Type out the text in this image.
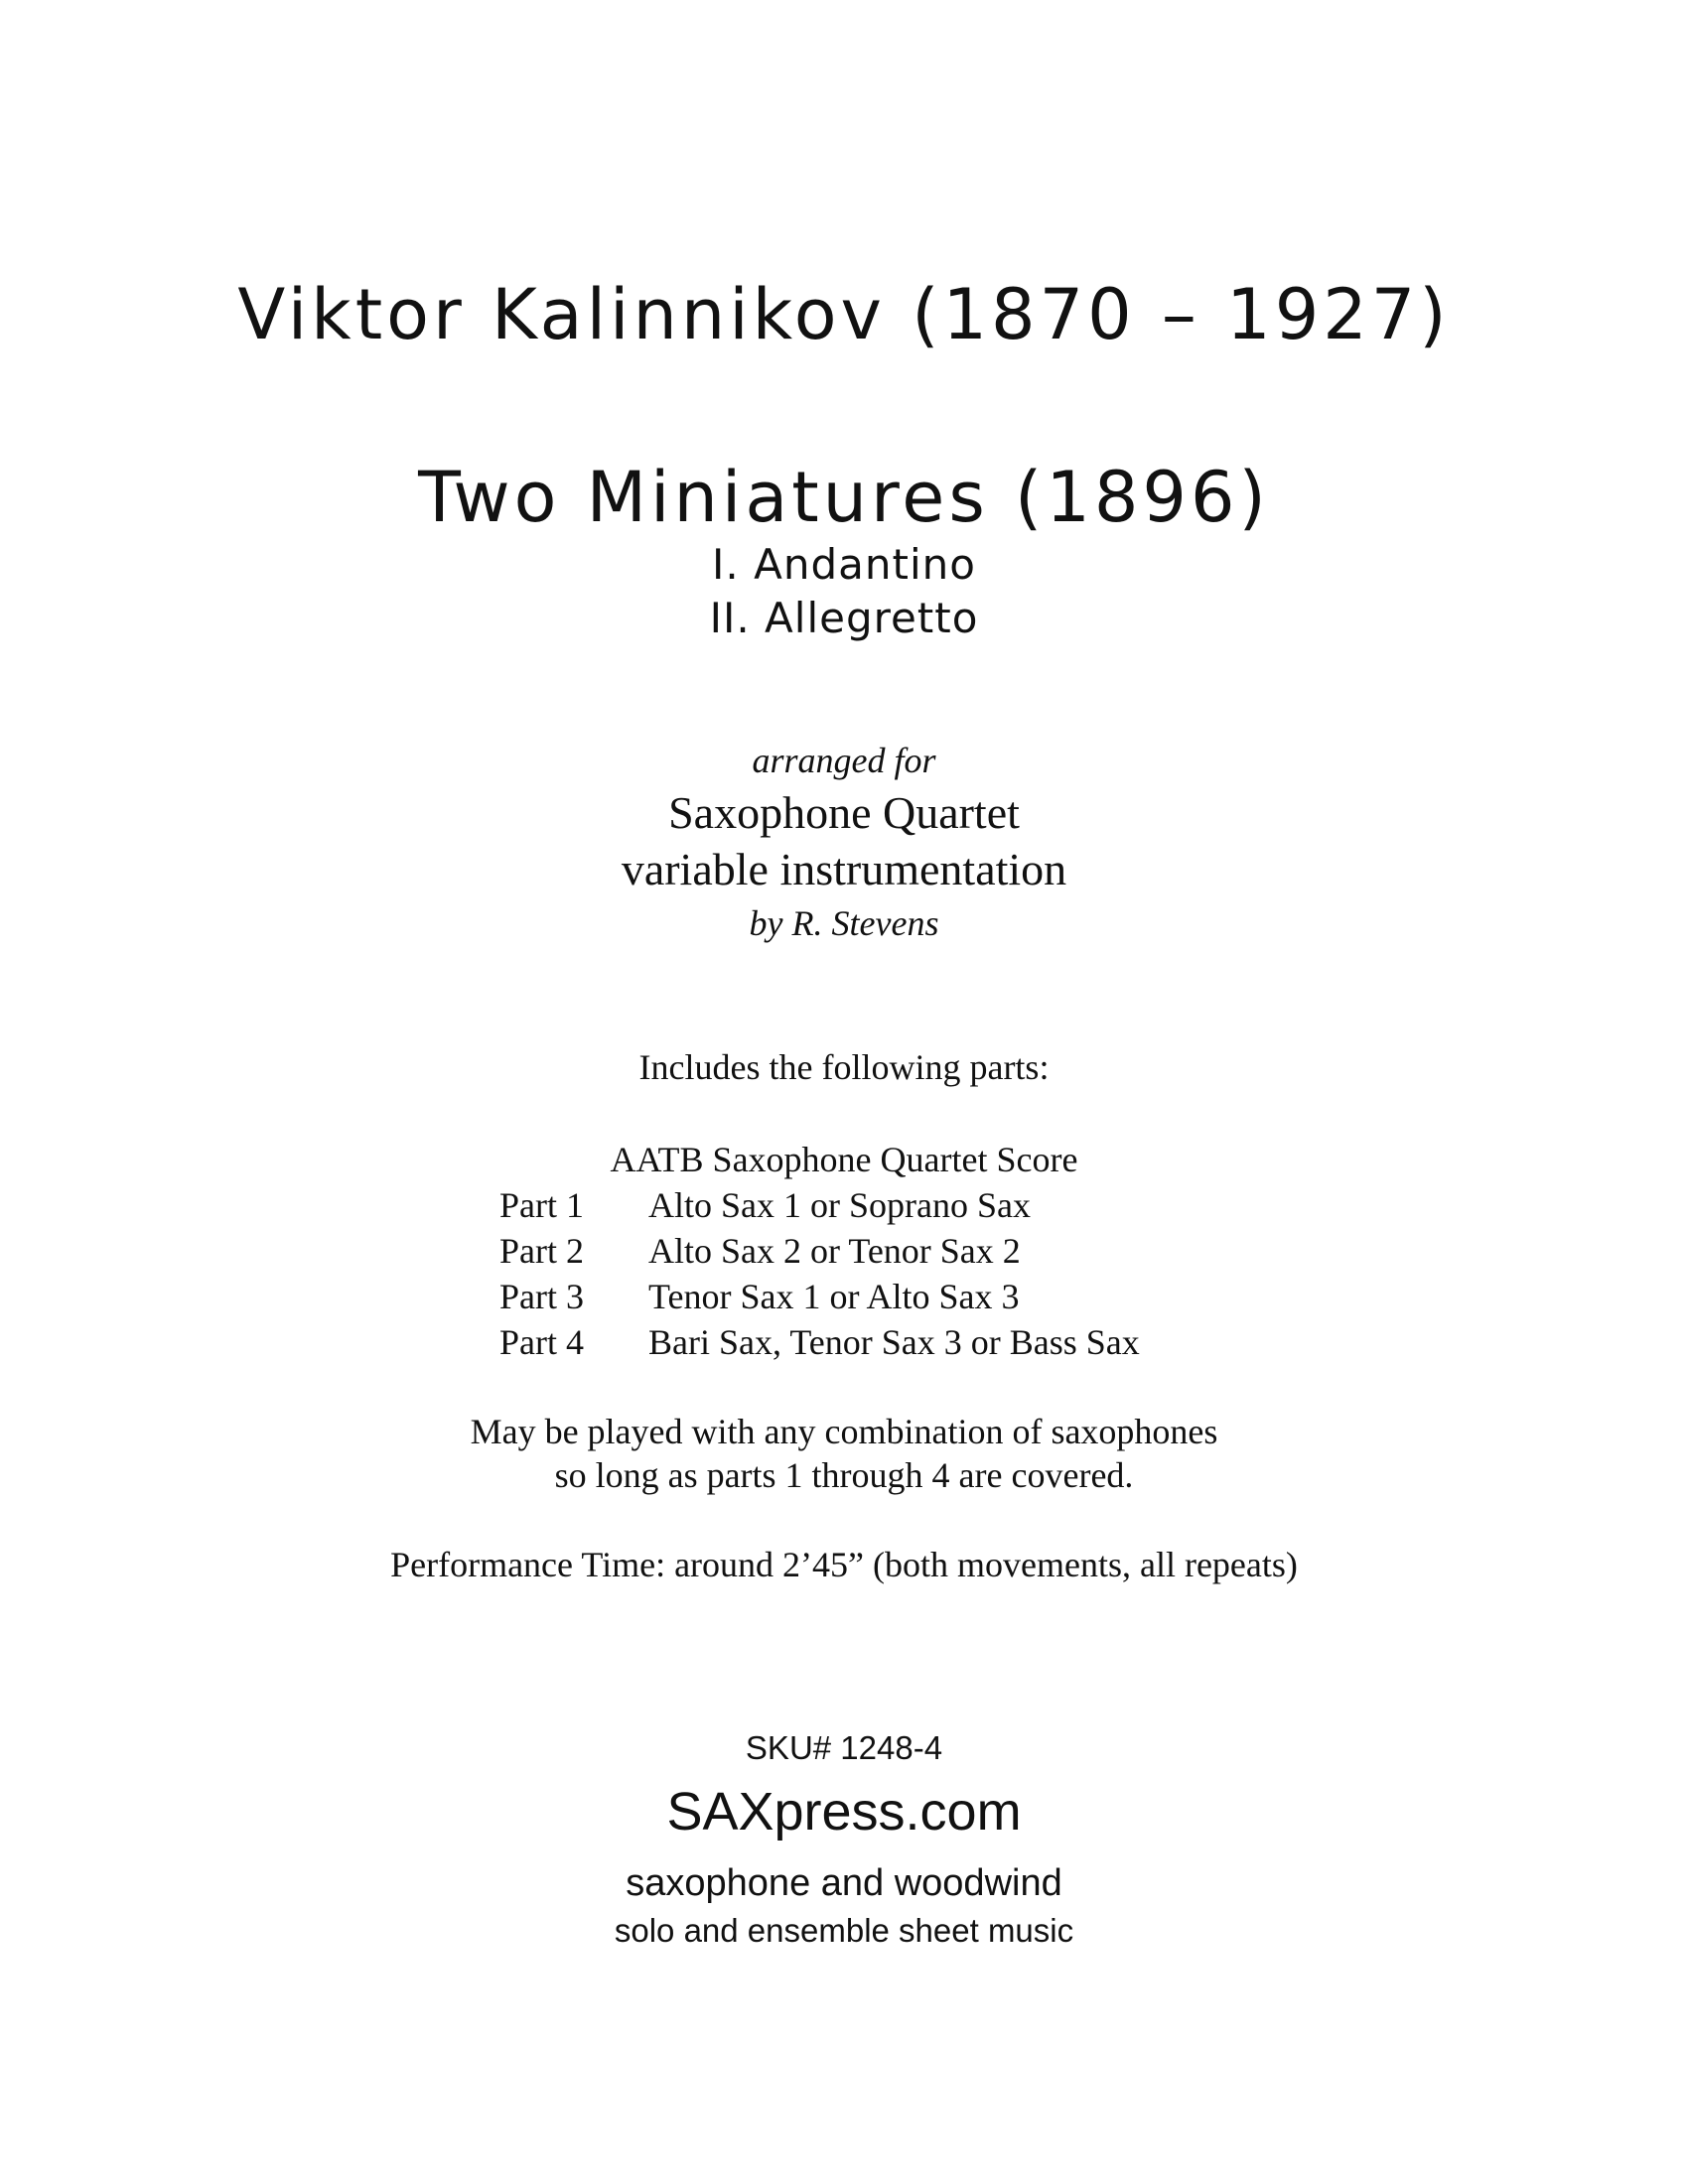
Viktor Kalinnikov (1870 – 1927)
Two Miniatures (1896)
I. Andantino
II. Allegretto
arranged for
Saxophone Quartet
variable instrumentation
by R. Stevens
Includes the following parts:
AATB Saxophone Quartet Score
Part 1 Alto Sax 1 or Soprano Sax
Part 2 Alto Sax 2 or Tenor Sax 2
Part 3 Tenor Sax 1 or Alto Sax 3
Part 4 Bari Sax, Tenor Sax 3 or Bass Sax
May be played with any combination of saxophones
so long as parts 1 through 4 are covered.
Performance Time: around 2’45” (both movements, all repeats)
SKU# 1248-4
SAXpress.com
saxophone and woodwind
solo and ensemble sheet music
